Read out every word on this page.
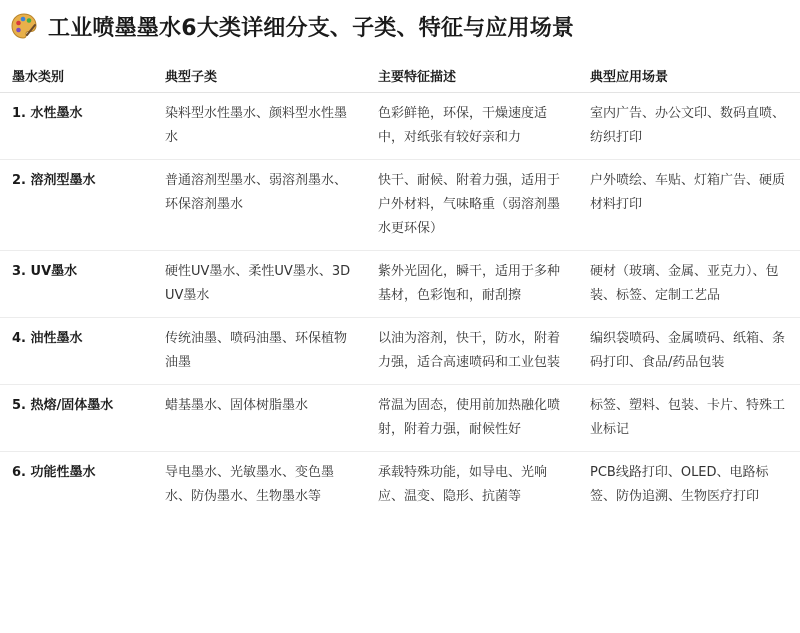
工业喷墨墨水6大类详细分支、子类、特征与应用场景
墨水类别	典型子类	主要特征描述	典型应用场景
1. 水性墨水	染料型水性墨水、颜料型水性墨水	色彩鲜艳，环保，干燥速度适中，对纸张有较好亲和力	室内广告、办公文印、数码直喷、纺织打印
2. 溶剂型墨水	普通溶剂型墨水、弱溶剂墨水、环保溶剂墨水	快干、耐候、附着力强，适用于户外材料，气味略重（弱溶剂墨水更环保）	户外喷绘、车贴、灯箱广告、硬质材料打印
3. UV墨水	硬性UV墨水、柔性UV墨水、3D UV墨水	紫外光固化，瞬干，适用于多种基材，色彩饱和，耐刮擦	硬材（玻璃、金属、亚克力）、包装、标签、定制工艺品
4. 油性墨水	传统油墨、喷码油墨、环保植物油墨	以油为溶剂，快干，防水，附着力强，适合高速喷码和工业包装	编织袋喷码、金属喷码、纸箱、条码打印、食品/药品包装
5. 热熔/固体墨水	蜡基墨水、固体树脂墨水	常温为固态，使用前加热融化喷射，附着力强，耐候性好	标签、塑料、包装、卡片、特殊工业标记
6. 功能性墨水	导电墨水、光敏墨水、变色墨水、防伪墨水、生物墨水等	承载特殊功能，如导电、光响应、温变、隐形、抗菌等	PCB线路打印、OLED、电路标签、防伪追溯、生物医疗打印
